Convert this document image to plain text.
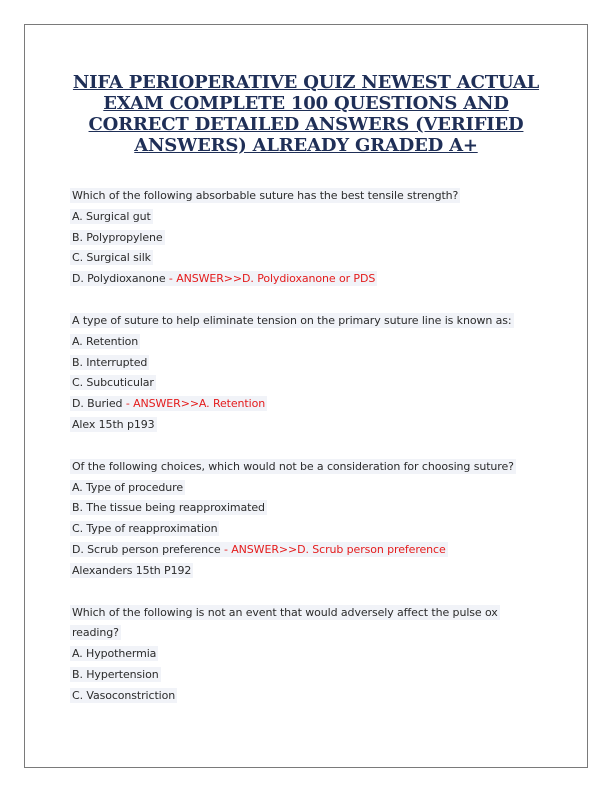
NIFA PERIOPERATIVE QUIZ NEWEST ACTUAL EXAM COMPLETE 100 QUESTIONS AND CORRECT DETAILED ANSWERS (VERIFIED ANSWERS) ALREADY GRADED A+
Which of the following absorbable suture has the best tensile strength?
A. Surgical gut
B. Polypropylene
C. Surgical silk
D. Polydioxanone - ANSWER>>D. Polydioxanone or PDS
A type of suture to help eliminate tension on the primary suture line is known as:
A. Retention
B. Interrupted
C. Subcuticular
D. Buried - ANSWER>>A. Retention
Alex 15th p193
Of the following choices, which would not be a consideration for choosing suture?
A. Type of procedure
B. The tissue being reapproximated
C. Type of reapproximation
D. Scrub person preference - ANSWER>>D. Scrub person preference
Alexanders 15th P192
Which of the following is not an event that would adversely affect the pulse ox
reading?
A. Hypothermia
B. Hypertension
C. Vasoconstriction
